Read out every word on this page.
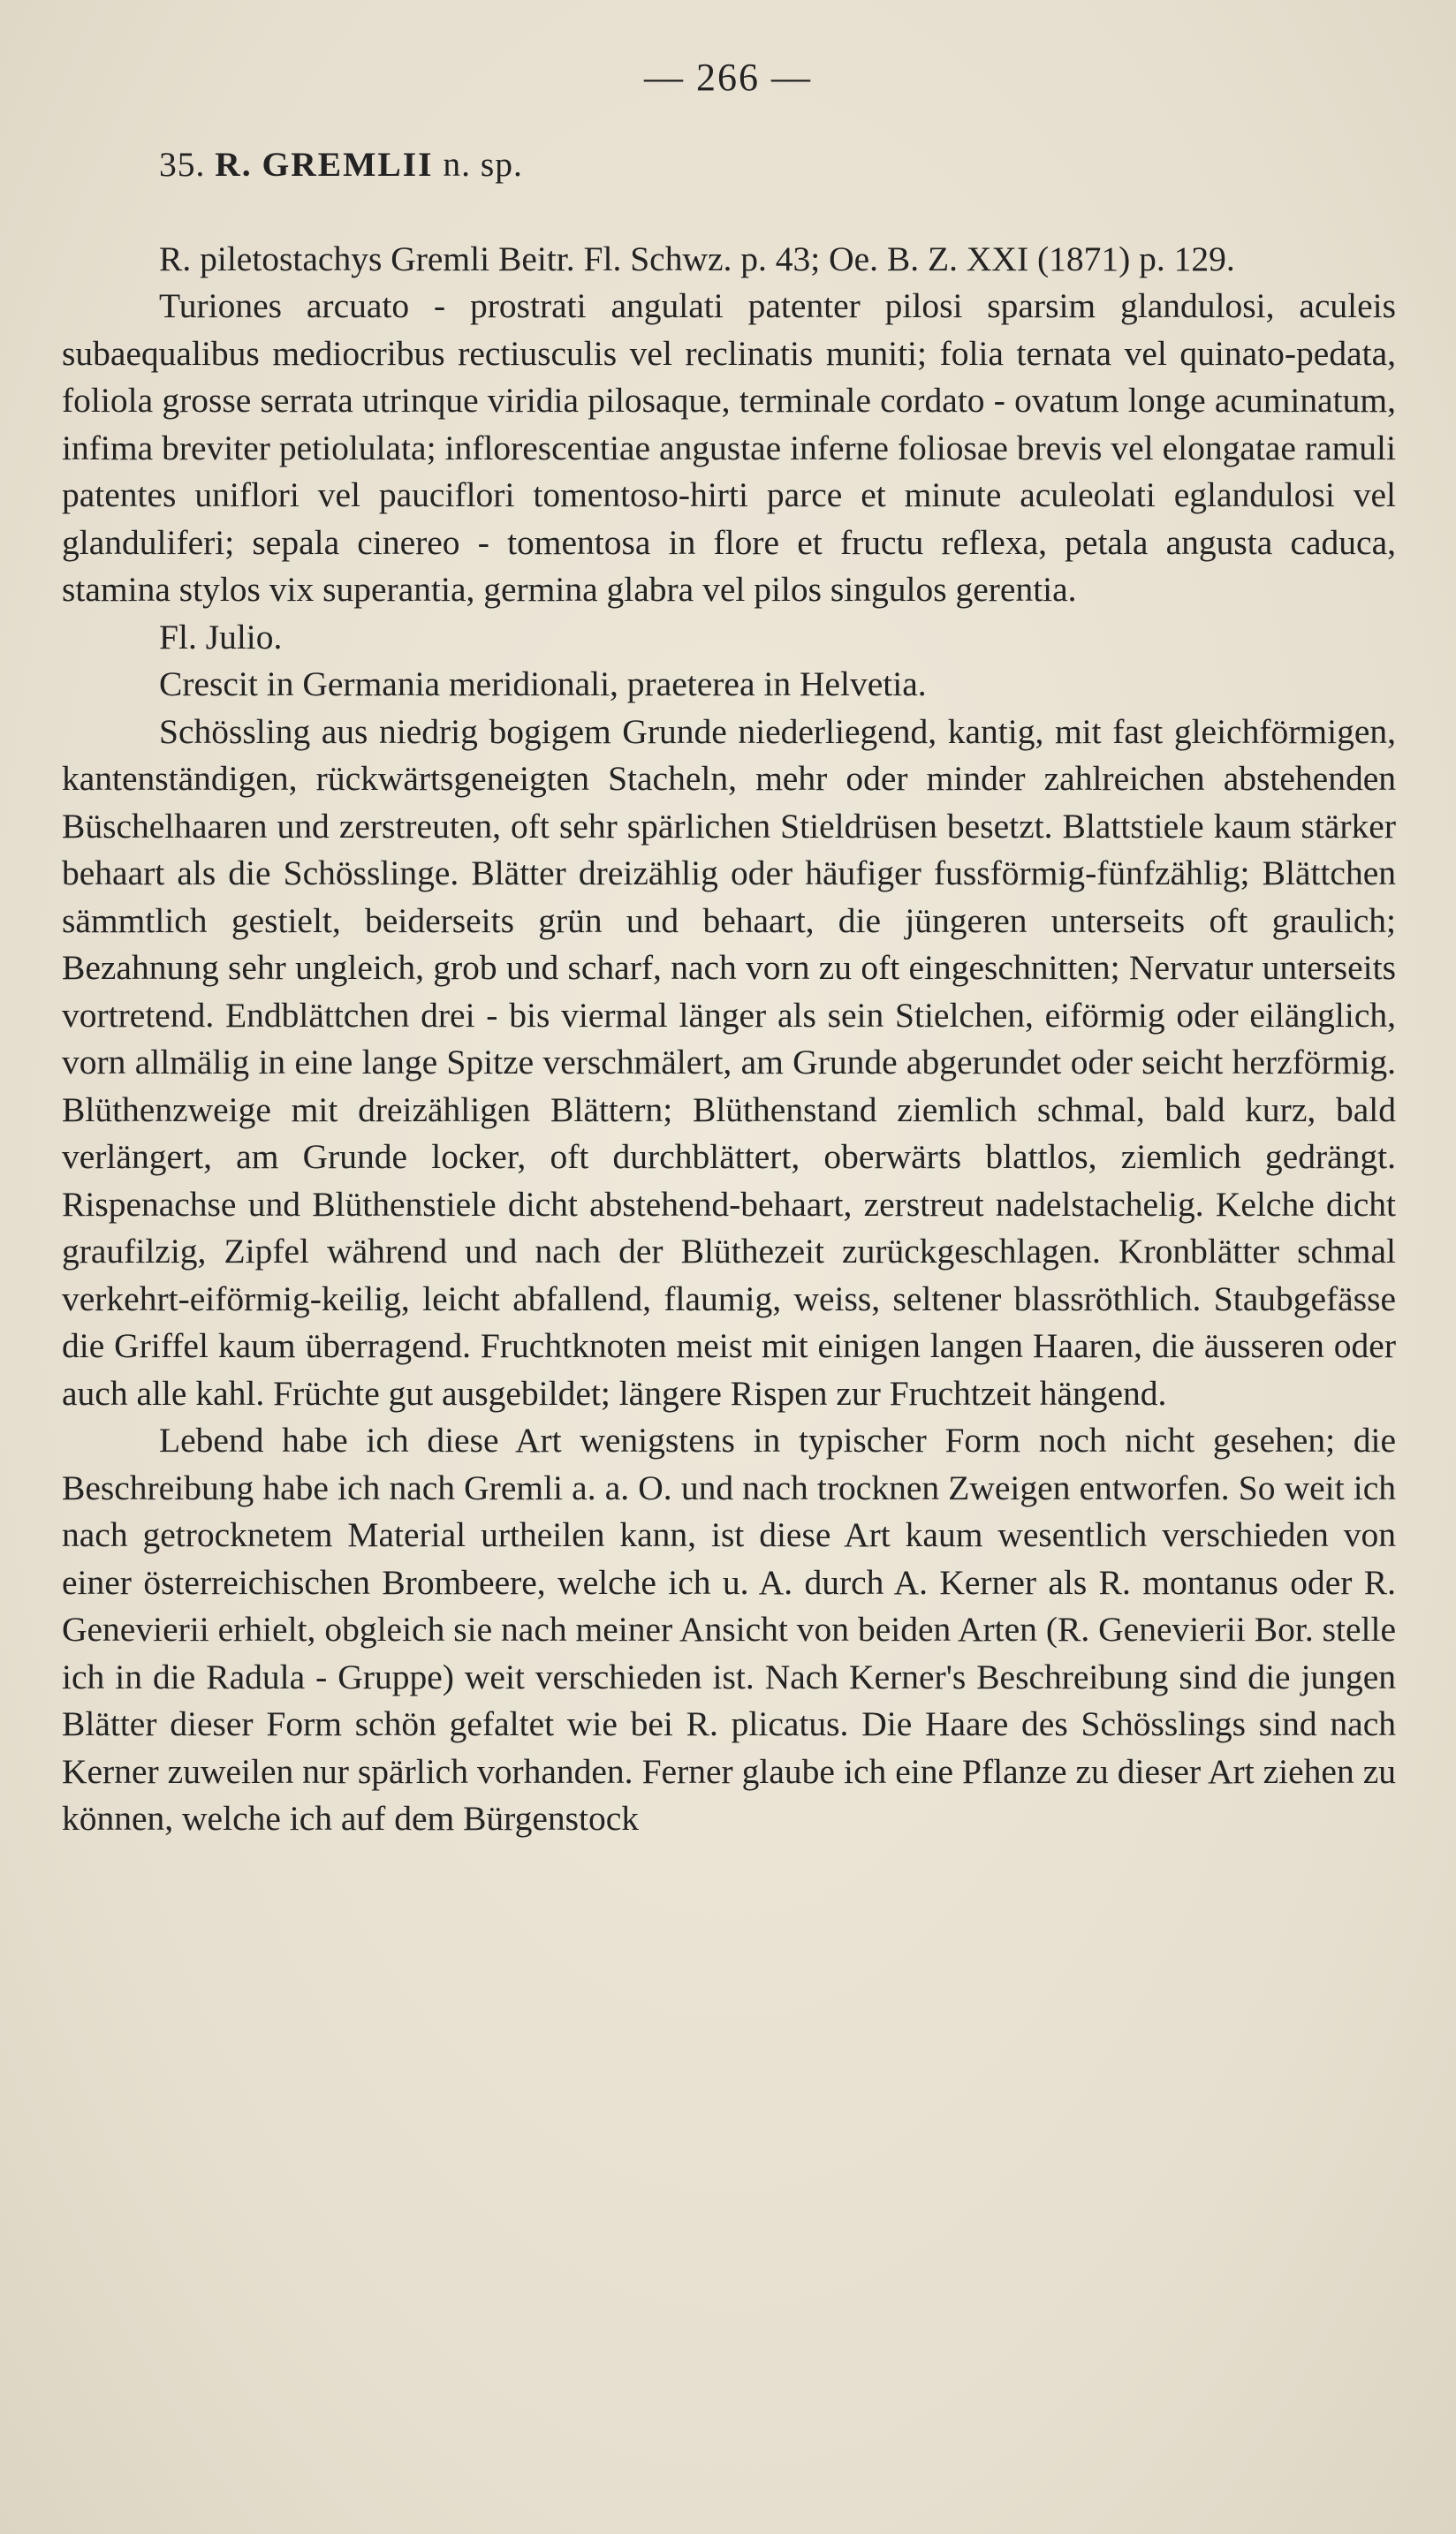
— 266 —

35. R. GREMLII n. sp.

R. piletostachys Gremli Beitr. Fl. Schwz. p. 43; Oe. B. Z. XXI (1871) p. 129.

Turiones arcuato - prostrati angulati patenter pilosi sparsim glandulosi, aculeis subaequalibus mediocribus rectiusculis vel reclinatis muniti; folia ternata vel quinato-pedata, foliola grosse serrata utrinque viridia pilosaque, terminale cordato - ovatum longe acuminatum, infima breviter petiolulata; inflorescentiae angustae inferne foliosae brevis vel elongatae ramuli patentes uniflori vel pauciflori tomentoso-hirti parce et minute aculeolati eglandulosi vel glanduliferi; sepala cinereo - tomentosa in flore et fructu reflexa, petala angusta caduca, stamina stylos vix superantia, germina glabra vel pilos singulos gerentia.

Fl. Julio.

Crescit in Germania meridionali, praeterea in Helvetia.

Schössling aus niedrig bogigem Grunde niederliegend, kantig, mit fast gleichförmigen, kantenständigen, rückwärtsgeneigten Stacheln, mehr oder minder zahlreichen abstehenden Büschelhaaren und zerstreuten, oft sehr spärlichen Stieldrüsen besetzt. Blattstiele kaum stärker behaart als die Schösslinge. Blätter dreizählig oder häufiger fussförmig-fünfzählig; Blättchen sämmtlich gestielt, beiderseits grün und behaart, die jüngeren unterseits oft graulich; Bezahnung sehr ungleich, grob und scharf, nach vorn zu oft eingeschnitten; Nervatur unterseits vortretend. Endblättchen drei - bis viermal länger als sein Stielchen, eiförmig oder eilänglich, vorn allmälig in eine lange Spitze verschmälert, am Grunde abgerundet oder seicht herzförmig. Blüthenzweige mit dreizähligen Blättern; Blüthenstand ziemlich schmal, bald kurz, bald verlängert, am Grunde locker, oft durchblättert, oberwärts blattlos, ziemlich gedrängt. Rispenachse und Blüthenstiele dicht abstehend-behaart, zerstreut nadelstachelig. Kelche dicht graufilzig, Zipfel während und nach der Blüthezeit zurückgeschlagen. Kronblätter schmal verkehrt-eiförmig-keilig, leicht abfallend, flaumig, weiss, seltener blassröthlich. Staubgefässe die Griffel kaum überragend. Fruchtknoten meist mit einigen langen Haaren, die äusseren oder auch alle kahl. Früchte gut ausgebildet; längere Rispen zur Fruchtzeit hängend.

Lebend habe ich diese Art wenigstens in typischer Form noch nicht gesehen; die Beschreibung habe ich nach Gremli a. a. O. und nach trocknen Zweigen entworfen. So weit ich nach getrocknetem Material urtheilen kann, ist diese Art kaum wesentlich verschieden von einer österreichischen Brombeere, welche ich u. A. durch A. Kerner als R. montanus oder R. Genevierii erhielt, obgleich sie nach meiner Ansicht von beiden Arten (R. Genevierii Bor. stelle ich in die Radula - Gruppe) weit verschieden ist. Nach Kerner's Beschreibung sind die jungen Blätter dieser Form schön gefaltet wie bei R. plicatus. Die Haare des Schösslings sind nach Kerner zuweilen nur spärlich vorhanden. Ferner glaube ich eine Pflanze zu dieser Art ziehen zu können, welche ich auf dem Bürgenstock
